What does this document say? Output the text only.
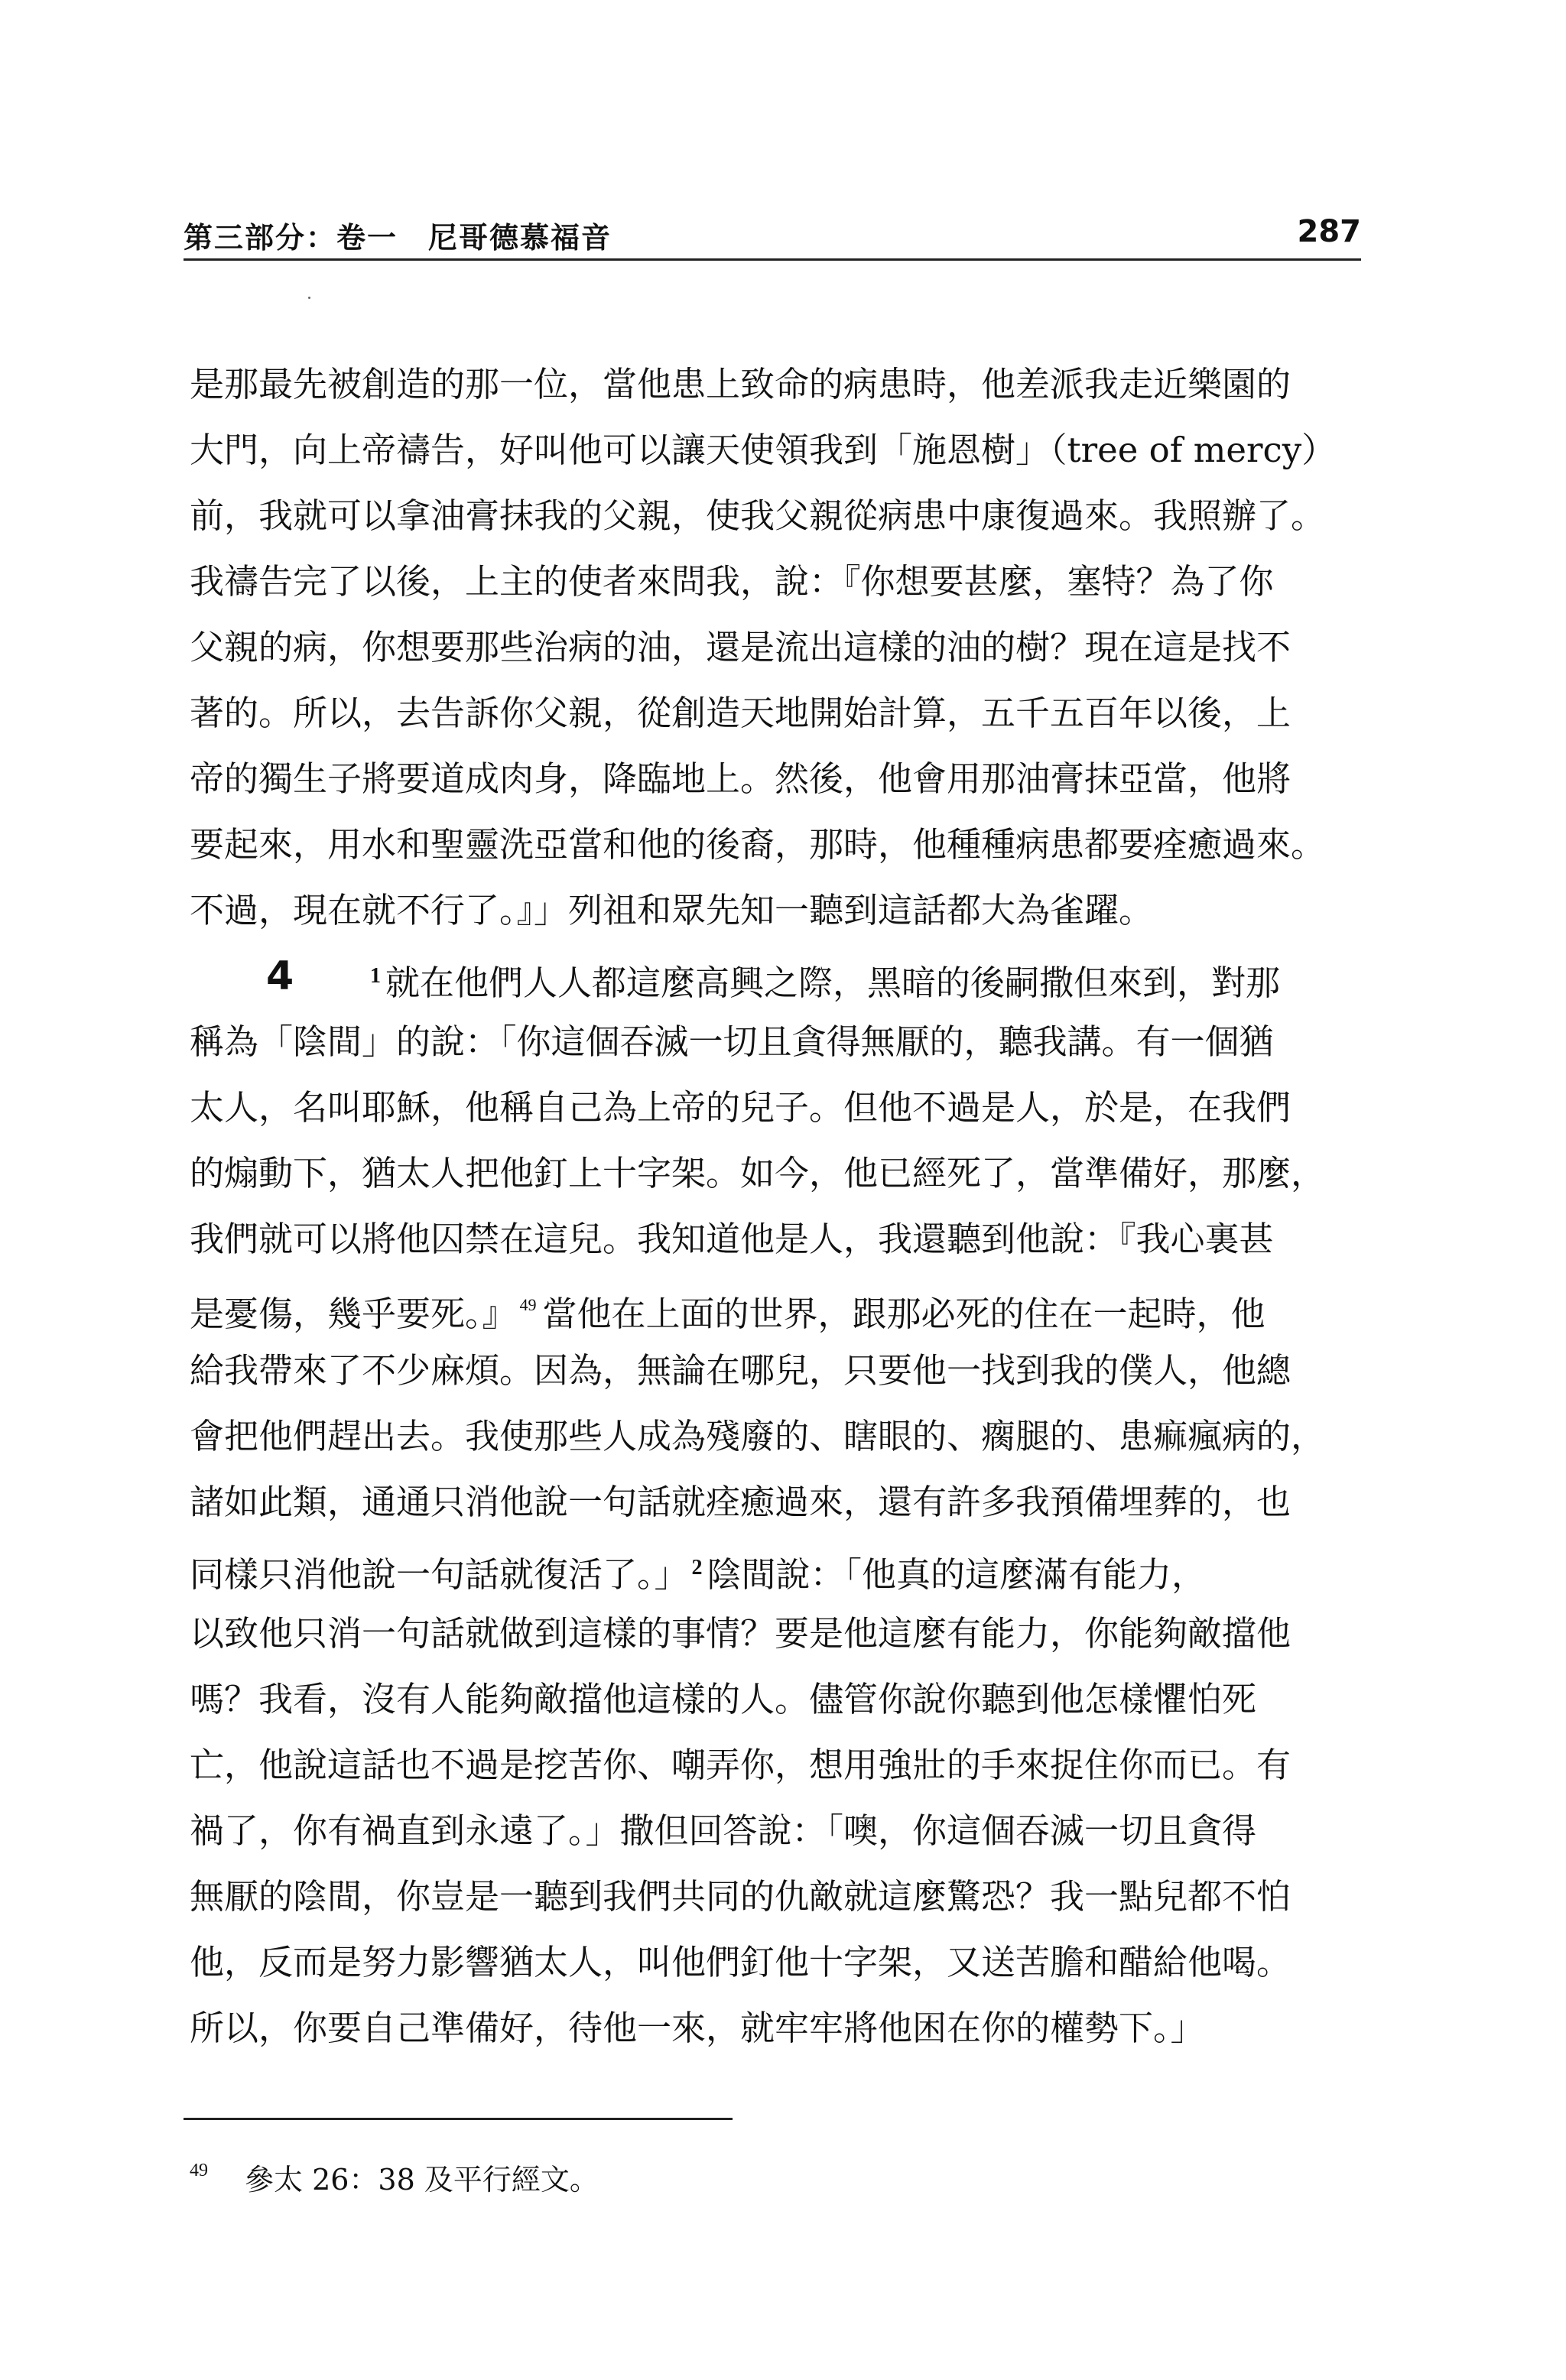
第三部分：卷一　尼哥德慕福音	287
是那最先被創造的那一位，當他患上致命的病患時，他差派我走近樂園的
大門，向上帝禱告，好叫他可以讓天使領我到「施恩樹」（tree of mercy）
前，我就可以拿油膏抹我的父親，使我父親從病患中康復過來。我照辦了。
我禱告完了以後，上主的使者來問我，說：『你想要甚麼，塞特？為了你
父親的病，你想要那些治病的油，還是流出這樣的油的樹？現在這是找不
著的。所以，去告訴你父親，從創造天地開始計算，五千五百年以後，上
帝的獨生子將要道成肉身，降臨地上。然後，他會用那油膏抹亞當，他將
要起來，用水和聖靈洗亞當和他的後裔，那時，他種種病患都要痊癒過來。
不過，現在就不行了。』」列祖和眾先知一聽到這話都大為雀躍。
4	$^1$ 就在他們人人都這麼高興之際，黑暗的後嗣撒但來到，對那
稱為「陰間」的說：「你這個吞滅一切且貪得無厭的，聽我講。有一個猶
太人，名叫耶穌，他稱自己為上帝的兒子。但他不過是人，於是，在我們
的煽動下，猶太人把他釘上十字架。如今，他已經死了，當準備好，那麼，
我們就可以將他囚禁在這兒。我知道他是人，我還聽到他說：『我心裏甚
是憂傷，幾乎要死。』 $^{49}$ 當他在上面的世界，跟那必死的住在一起時，他
給我帶來了不少麻煩。因為，無論在哪兒，只要他一找到我的僕人，他總
會把他們趕出去。我使那些人成為殘廢的、瞎眼的、瘸腿的、患痲瘋病的，
諸如此類，通通只消他說一句話就痊癒過來，還有許多我預備埋葬的，也
同樣只消他說一句話就復活了。」 $^2$ 陰間說：「他真的這麼滿有能力，
以致他只消一句話就做到這樣的事情？要是他這麼有能力，你能夠敵擋他
嗎？我看，沒有人能夠敵擋他這樣的人。儘管你說你聽到他怎樣懼怕死
亡，他說這話也不過是挖苦你、嘲弄你，想用強壯的手來捉住你而已。有
禍了，你有禍直到永遠了。」撒但回答說：「噢，你這個吞滅一切且貪得
無厭的陰間，你豈是一聽到我們共同的仇敵就這麼驚恐？我一點兒都不怕
他，反而是努力影響猶太人，叫他們釘他十字架，又送苦膽和醋給他喝。
所以，你要自己準備好，待他一來，就牢牢將他困在你的權勢下。」
$^{49}$ 參太 26：38 及平行經文。
